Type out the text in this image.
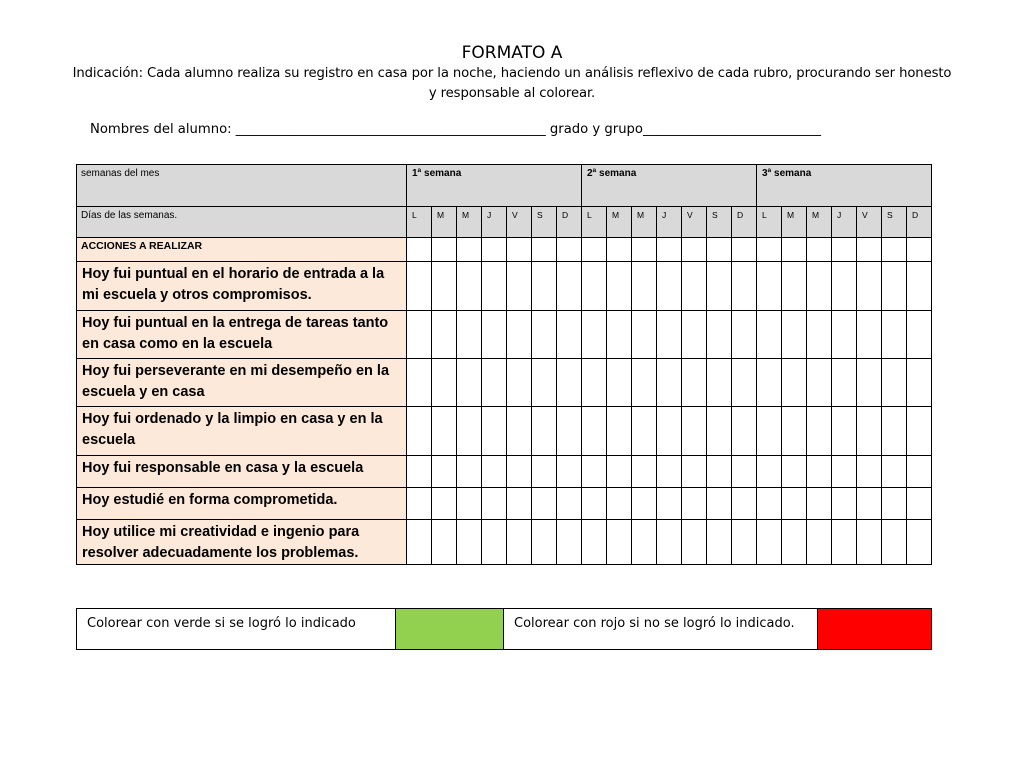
FORMATO A
Indicación: Cada alumno realiza su registro en casa por la noche, haciendo un análisis reflexivo de cada rubro, procurando ser honesto y responsable al colorear.
Nombres del alumno: _______________________________________________ grado y grupo___________________________
semanas del mes	1ª semana							2ª semana							3ª semana						
Días de las semanas.	L	M	M	J	V	S	D	L	M	M	J	V	S	D	L	M	M	J	V	S	D
ACCIONES A REALIZAR																					
Hoy fui puntual en el horario de entrada a la mi escuela y otros compromisos.																					
Hoy fui puntual en la entrega de tareas tanto en casa como en la escuela																					
Hoy fui perseverante en mi desempeño en la escuela y en casa																					
Hoy fui ordenado y la limpio en casa y en la escuela																					
Hoy fui responsable en casa y la escuela																					
Hoy estudié en forma comprometida.																					
Hoy utilice mi creatividad e ingenio para resolver adecuadamente los problemas.																					
Colorear con verde si se logró lo indicado		Colorear con rojo si no se logró lo indicado.
